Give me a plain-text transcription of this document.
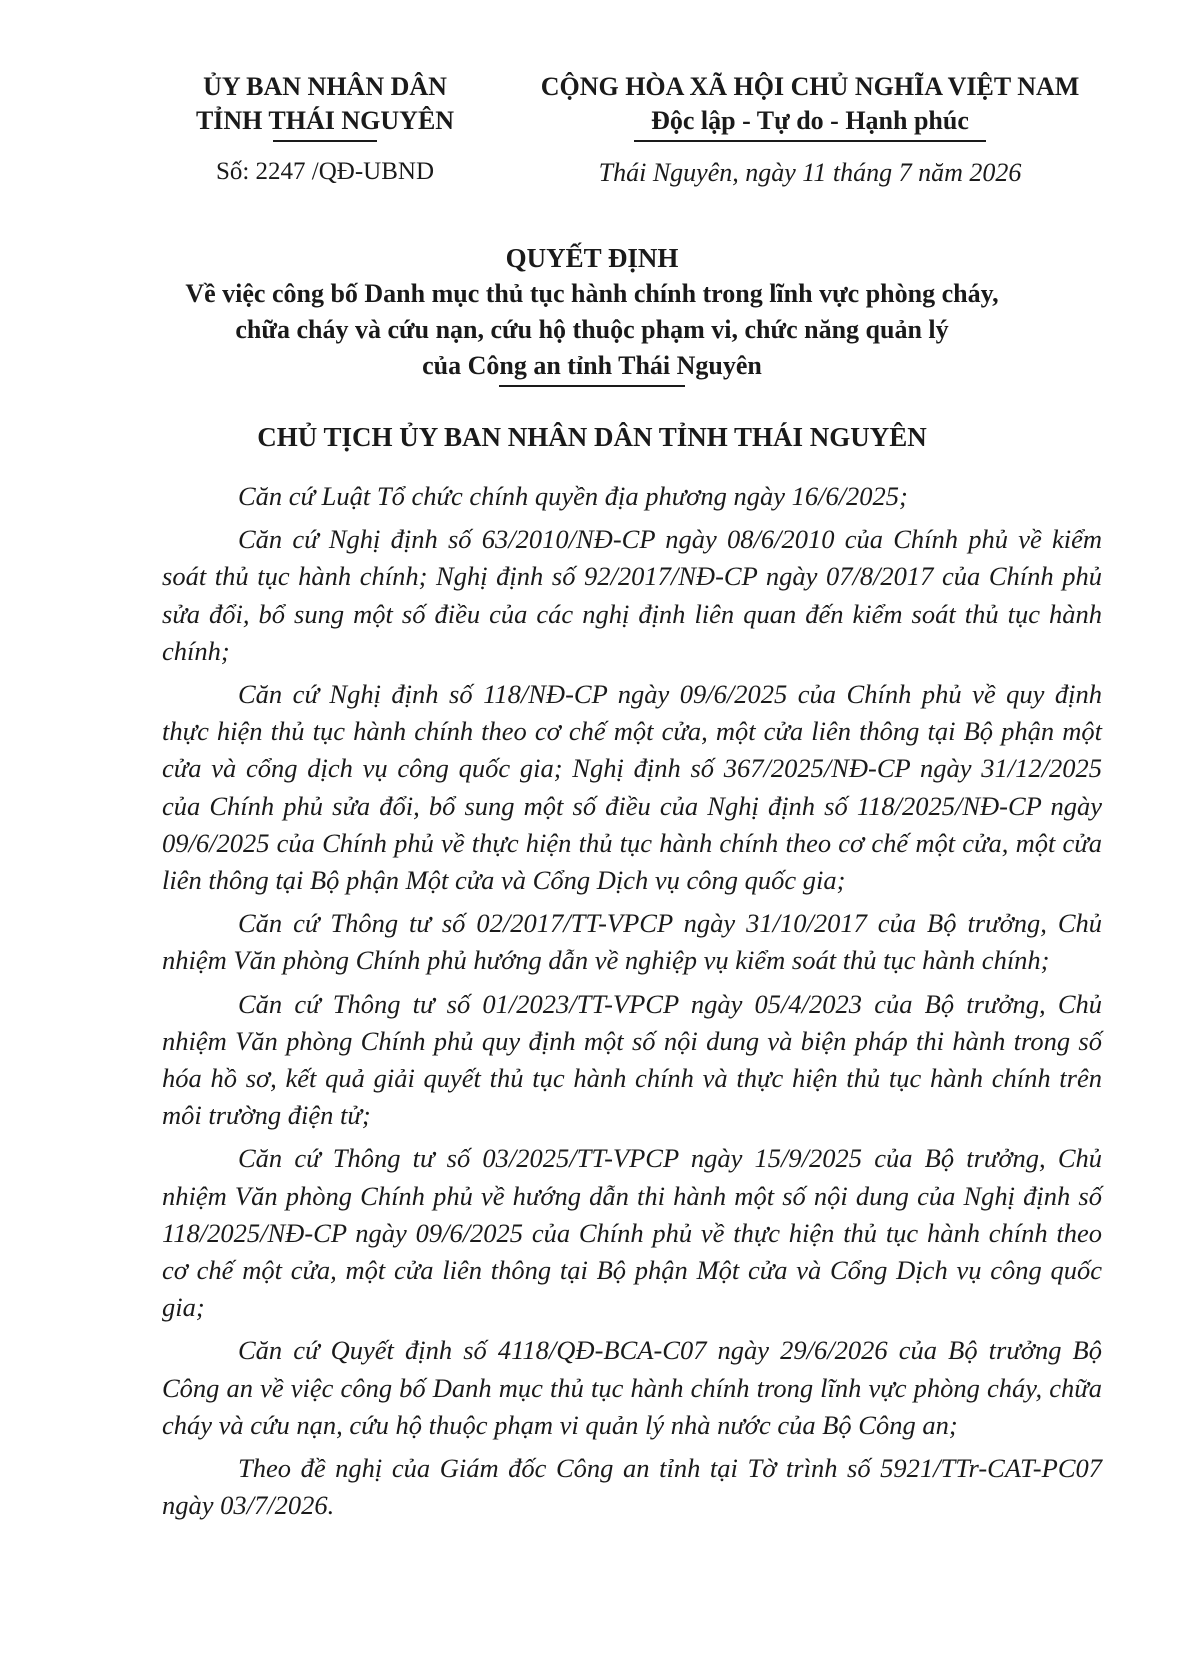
ỦY BAN NHÂN DÂN
TỈNH THÁI NGUYÊN
CỘNG HÒA XÃ HỘI CHỦ NGHĨA VIỆT NAM
Độc lập - Tự do - Hạnh phúc
Số: 2247 /QĐ-UBND	Thái Nguyên, ngày 11 tháng 7 năm 2026
QUYẾT ĐỊNH
Về việc công bố Danh mục thủ tục hành chính trong lĩnh vực phòng cháy,
chữa cháy và cứu nạn, cứu hộ thuộc phạm vi, chức năng quản lý
của Công an tỉnh Thái Nguyên
CHỦ TỊCH ỦY BAN NHÂN DÂN TỈNH THÁI NGUYÊN

Căn cứ Luật Tổ chức chính quyền địa phương ngày 16/6/2025;

Căn cứ Nghị định số 63/2010/NĐ-CP ngày 08/6/2010 của Chính phủ về kiểm soát thủ tục hành chính; Nghị định số 92/2017/NĐ-CP ngày 07/8/2017 của Chính phủ sửa đổi, bổ sung một số điều của các nghị định liên quan đến kiểm soát thủ tục hành chính;

Căn cứ Nghị định số 118/NĐ-CP ngày 09/6/2025 của Chính phủ về quy định thực hiện thủ tục hành chính theo cơ chế một cửa, một cửa liên thông tại Bộ phận một cửa và cổng dịch vụ công quốc gia; Nghị định số 367/2025/NĐ-CP ngày 31/12/2025 của Chính phủ sửa đổi, bổ sung một số điều của Nghị định số 118/2025/NĐ-CP ngày 09/6/2025 của Chính phủ về thực hiện thủ tục hành chính theo cơ chế một cửa, một cửa liên thông tại Bộ phận Một cửa và Cổng Dịch vụ công quốc gia;

Căn cứ Thông tư số 02/2017/TT-VPCP ngày 31/10/2017 của Bộ trưởng, Chủ nhiệm Văn phòng Chính phủ hướng dẫn về nghiệp vụ kiểm soát thủ tục hành chính;

Căn cứ Thông tư số 01/2023/TT-VPCP ngày 05/4/2023 của Bộ trưởng, Chủ nhiệm Văn phòng Chính phủ quy định một số nội dung và biện pháp thi hành trong số hóa hồ sơ, kết quả giải quyết thủ tục hành chính và thực hiện thủ tục hành chính trên môi trường điện tử;

Căn cứ Thông tư số 03/2025/TT-VPCP ngày 15/9/2025 của Bộ trưởng, Chủ nhiệm Văn phòng Chính phủ về hướng dẫn thi hành một số nội dung của Nghị định số 118/2025/NĐ-CP ngày 09/6/2025 của Chính phủ về thực hiện thủ tục hành chính theo cơ chế một cửa, một cửa liên thông tại Bộ phận Một cửa và Cổng Dịch vụ công quốc gia;

Căn cứ Quyết định số 4118/QĐ-BCA-C07 ngày 29/6/2026 của Bộ trưởng Bộ Công an về việc công bố Danh mục thủ tục hành chính trong lĩnh vực phòng cháy, chữa cháy và cứu nạn, cứu hộ thuộc phạm vi quản lý nhà nước của Bộ Công an;

Theo đề nghị của Giám đốc Công an tỉnh tại Tờ trình số 5921/TTr-CAT-PC07 ngày 03/7/2026.
